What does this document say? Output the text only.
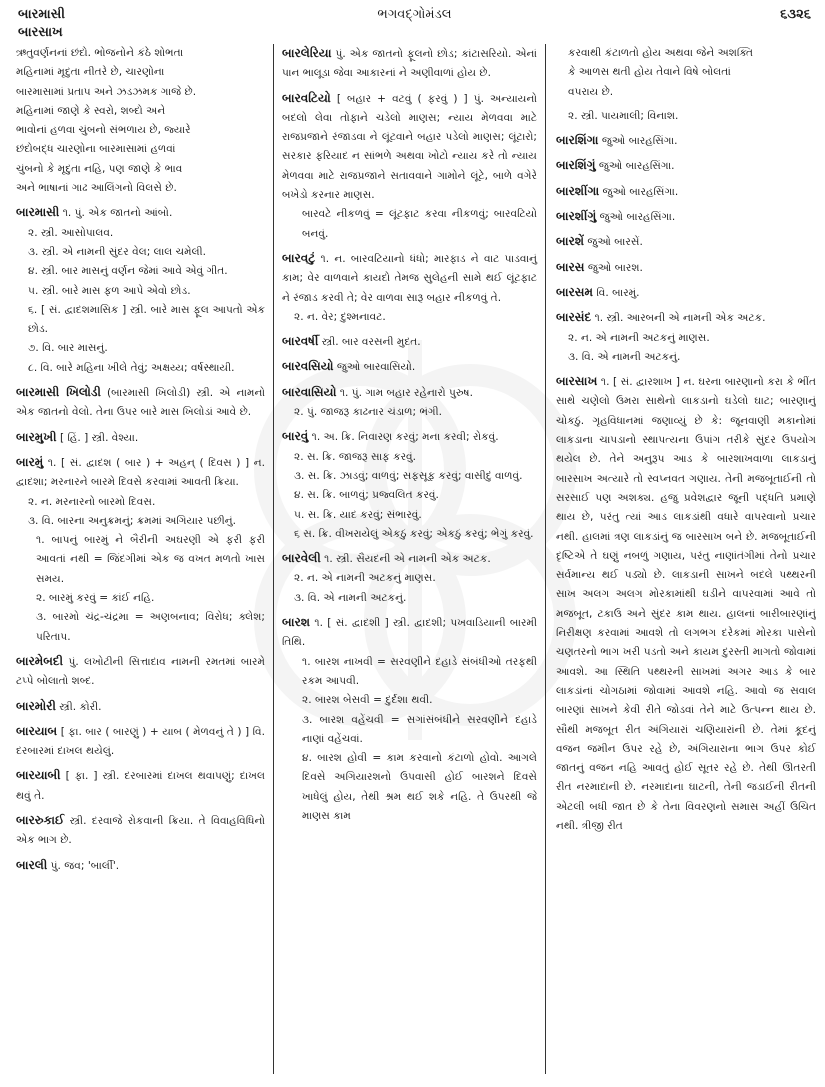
બારમાસી
બારસાખ
ભગવદ્ગોમંડલ	૬૩૨૬
ઋતુવર્ણનનાં છંદો. ભોજનોને કંઠે શોભતા
મહિનામાં મૃદુતા નીતરે છે, ચારણોના
બારમાસામાં પ્રતાપ અને ઝડઝમક ગાજે છે.
મહિનામાં જાણે કે સ્વરો, શબ્દો અને
ભાવોનાં હળવા ચુંબનો સંભળાય છે, જ્યારે
છંદોબદ્ધ ચારણોના બારમાસામાં હળવાં
ચુંબનો કે મૃદુતા નહિ, પણ જાણે કે ભાવ
અને ભાષાનાં ગાઢ આલિંગનો વિલસે છે.
બારમાસી ૧. પું. એક જાતનો આંબો.
૨. સ્ત્રી. આસોપાલવ.
૩. સ્ત્રી. એ નામની સુંદર વેલ; લાલ ચમેલી.
૪. સ્ત્રી. બાર માસનું વર્ણન જેમાં આવે એવું ગીત.
૫. સ્ત્રી. બારે માસ ફળ આપે એવો છોડ.
૬. [ સં. દ્વાદશમાસિક ] સ્ત્રી. બારે માસ ફૂલ આપતો એક છોડ.
૭. વિ. બાર માસનું.
૮. વિ. બારે મહિના ખીલે તેવું; અક્ષય્ય; વર્ષસ્થાયી.
બારમાસી ખિલોડી (બારમાસી ખિલોડી) સ્ત્રી. એ નામનો એક જાતનો વેલો. તેના ઉપર બારે માસ ખિલોડાં આવે છે.
બારમુખી [ હિં. ] સ્ત્રી. વેશ્યા.
બારમું ૧. [ સં. દ્વાદશ ( બાર ) + અહન્ ( દિવસ ) ] ન. દ્વાદશા; મરનારને બારમે દિવસે કરવામાં આવતી ક્રિયા.
૨. ન. મરનારનો બારમો દિવસ.
૩. વિ. બારના અનુક્રમનું; ક્રમમાં અગિયાર પછીનું.
૧. બાપનું બારમું ને બૈરીની અઘરણી એ ફરી ફરી આવતાં નથી = જિંદગીમાં એક જ વખત મળતો ખાસ સમય.
૨. બારમું કરવું = કાંઈ નહિ.
૩. બારમો ચંદ્ર-ચંદ્રમા = અણબનાવ; વિરોધ; ક્લેશ; પરિતાપ.
બારમેબદી પું. લખોટીની સિત્તાદાવ નામની રમતમાં બારમે ટપ્પે બોલાતો શબ્દ.
બારમોરી સ્ત્રી. કોરી.
બારયાબ [ ફા. બાર ( બારણું ) + યાબ ( મેળવનું તે ) ] વિ. દરબારમાં દાખલ થયેલું.
બારયાબી [ ફા. ] સ્ત્રી. દરબારમાં દાખલ થવાપણું; દાખલ થવું તે.
બારરુકાઈ સ્ત્રી. દરવાજે રોકવાની ક્રિયા. તે વિવાહવિધિનો એક ભાગ છે.
બારલી પું. જવ; 'બાર્લી'.
બારલેરિયા પું. એક જાતનો ફૂલનો છોડ; કાંટાસરિયો. એનાં પાન ભાલૂડા જેવા આકારનાં ને અણીવાળાં હોય છે.
બારવટિયો [ બહાર + વટવું ( ફરવું ) ] પું. અન્યાયનો બદલો લેવા તોફાને ચડેલો માણસ; ન્યાય મેળવવા માટે રાજપ્રજાને રંજાડવા ને લૂંટવાને બહાર પડેલો માણસ; લૂંટારો; સરકાર ફરિયાદ ન સાંભળે અથવા ખોટો ન્યાય કરે તો ન્યાય મેળવવા માટે રાજપ્રજાને સતાવવાને ગામોને લૂંટે, બાળે વગેરે બખેડો કરનાર માણસ.
બારવટે નીકળવું = લૂંટફાટ કરવા નીકળવું; બારવટિયો બનવું.
બારવટું ૧. ન. બારવટિયાનો ધંધો; મારફાડ ને વાટ પાડવાનું કામ; વેર વાળવાને કાયદો તેમજ સુલેહની સામે થઈ લૂંટફાટ ને રંજાડ કરવી તે; વેર વાળવા સારૂ બહાર નીકળવું તે.
૨. ન. વેર; દુશ્મનાવટ.
બારવર્ષી સ્ત્રી. બાર વરસની મુદત.
બારવસિયો જુઓ બારવાસિયો.
બારવાસિયો ૧. પું. ગામ બહાર રહેનારો પુરુષ.
૨. પું. જાજરૂ કાઢનાર ચંડાળ; ભંગી.
બારવું ૧. અ. ક્રિ. નિવારણ કરવું; મના કરવી; રોકવું.
૨. સ. ક્રિ. જાજરૂ સાફ કરવું.
૩. સ. ક્રિ. ઝાડવું; વાળવું; સફસૂફ કરવું; વાસીદું વાળવું.
૪. સ. ક્રિ. બાળવું; પ્રજ્વલિત કરવું.
૫. સ. ક્રિ. યાદ કરવું; સંભારવું.
૬ સ. ક્રિ. વીખરાયેલું એકઠું કરવું; એકઠું કરવું; ભેગું કરવું.
બારવેલી ૧. સ્ત્રી. સૈયદની એ નામની એક અટક.
૨. ન. એ નામની અટકનું માણસ.
૩. વિ. એ નામની અટકનું.
બારશ ૧. [ સં. દ્વાદશી ] સ્ત્રી. દ્વાદશી; પખવાડિયાની બારમી તિથિ.
૧. બારશ નાખવી = સરવણીને દહાડે સંબંધીઓ તરફથી રકમ આપવી.
૨. બારશ બેસવી = દુર્દશા થવી.
૩. બારશ વહેંચવી = સગાંસંબંધીને સરવણીને દહાડે નાણાં વહેંચવાં.
૪. બારશ હોવી = કામ કરવાનો કંટાળો હોવો. આગલે દિવસે અગિયારશનો ઉપવાસી હોઈ બારશને દિવસે ખાધેલું હોય, તેથી શ્રમ થઈ શકે નહિ. તે ઉપરથી જે માણસ કામ
કરવાથી કંટાળતો હોય અથવા જેને અશક્તિ
કે આળસ થતી હોય તેવાને વિષે બોલતાં
વપરાય છે.
૨. સ્ત્રી. પાયમાલી; વિનાશ.
બારશિંગા જુઓ બારહસિંગા.
બારશિંગું જુઓ બારહસિંગા.
બારશીંગા જુઓ બારહસિંગા.
બારશીંગું જુઓ બારહસિંગા.
બારશેં જુઓ બારસેં.
બારસ જુઓ બારશ.
બારસમ વિ. બારમું.
બારસંદ ૧. સ્ત્રી. આરબની એ નામની એક અટક.
૨. ન. એ નામની અટકનું માણસ.
૩. વિ. એ નામની અટકનું.
બારસાખ ૧. [ સં. દ્વારશાખ ] ન. ઘરના બારણાનો કરા કે ભીંત સાથે ચણેલો ઉમરા સાથેનો લાકડાનો ઘડેલો ઘાટ; બારણાનું ચોકઠું. ગૃહવિધાનમાં જણાવ્યું છે કે: જૂનવાણી મકાનોમાં લાકડાના ચાપડાનો સ્થાપત્યના ઉપાંગ તરીકે સુંદર ઉપયોગ થયેલ છે. તેને અનુરૂપ આડ કે બારશાખવાળા લાકડાનું બારસાખ અત્યારે તો સ્વપ્નવત ગણાય. તેની મજબૂતાઈની તો સરસાઈ પણ અશક્ય. હજુ પ્રવેશદ્વાર જૂની પદ્ધતિ પ્રમાણે થાય છે, પરંતુ ત્યાં આડ લાકડાંથી વધારે વાપરવાનો પ્રચાર નથી. હાલમાં ત્રણ લાકડાંનું જ બારસાખ બને છે. મજબૂતાઈની દૃષ્ટિએ તે ઘણું નબળું ગણાય, પરંતુ નાણાંતંગીમાં તેનો પ્રચાર સર્વમાન્ય થઈ પડ્યો છે. લાકડાની સાખને બદલે પથ્થરની સાખ અલગ અલગ મોરકામાંથી ઘડીને વાપરવામાં આવે તો મજબૂત, ટકાઉ અને સુંદર કામ થાય. હાલનાં બારીબારણાંનું નિરીક્ષણ કરવામાં આવશે તો લગભગ દરેકમાં મોરકા પાસેનો ચણતરનો ભાગ ખરી પડતો અને કાયમ દુરસ્તી માગતો જોવામાં આવશે. આ સ્થિતિ પથ્થરની સાખમાં અગર આડ કે બાર લાકડાંનાં ચોગઠામાં જોવામાં આવશે નહિ. આવો જ સવાલ બારણાં સાખને કેવી રીતે જોડવાં તેને માટે ઉત્પન્ન થાય છે. સૌથી મજબૂત રીત અંગિયારાં ચણિયારાંની છે. તેમાં કૂદનું વજન જમીન ઉપર રહે છે, અંગિયારાના ભાગ ઉપર કોઈ જાતનું વજન નહિ આવતું હોઈ સૂતર રહે છે. તેથી ઊતરતી રીત નરમાદાની છે. નરમાદાના ઘાટની, તેની જડાઈની રીતની એટલી બધી જાત છે કે તેના વિવરણનો સમાસ અહીં ઉચિત નથી. ત્રીજી રીત
